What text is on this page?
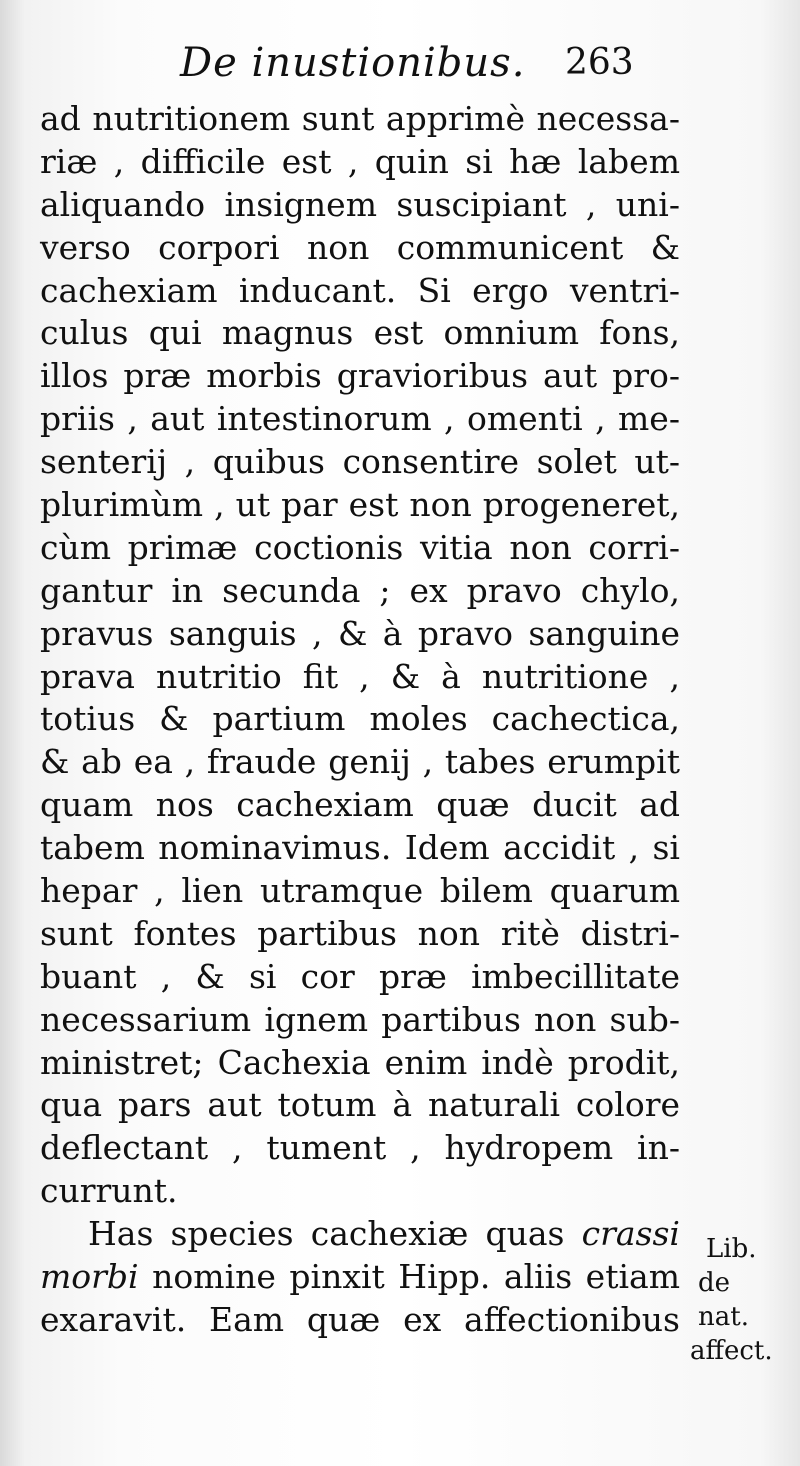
De inustionibus. 263
ad nutritionem sunt apprimè necessa-
riæ , difficile est , quin si hæ labem
aliquando insignem suscipiant , uni-
verso corpori non communicent &
cachexiam inducant. Si ergo ventri-
culus qui magnus est omnium fons,
illos præ morbis gravioribus aut pro-
priis , aut intestinorum , omenti , me-
senterij , quibus consentire solet ut-
plurimùm , ut par est non progeneret,
cùm primæ coctionis vitia non corri-
gantur in secunda ; ex pravo chylo,
pravus sanguis , & à pravo sanguine
prava nutritio fit , & à nutritione ,
totius & partium moles cachectica,
& ab ea , fraude genij , tabes erumpit
quam nos cachexiam quæ ducit ad
tabem nominavimus. Idem accidit , si
hepar , lien utramque bilem quarum
sunt fontes partibus non ritè distri-
buant , & si cor præ imbecillitate
necessarium ignem partibus non sub-
ministret; Cachexia enim indè prodit,
qua pars aut totum à naturali colore
deflectant , tument , hydropem in-
currunt.
Has species cachexiæ quas crassi
morbi nomine pinxit Hipp. aliis etiam
exaravit. Eam quæ ex affectionibus
Lib.
de
nat.
affect.
